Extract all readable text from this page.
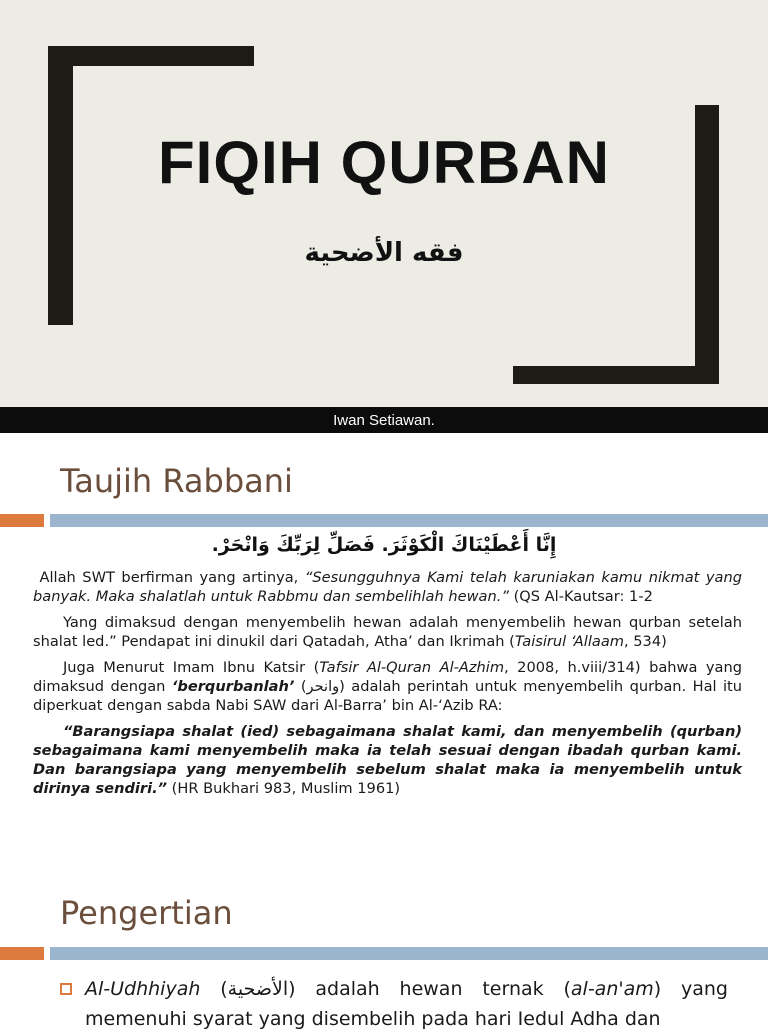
FIQIH QURBAN
فقه الأضحية
Iwan Setiawan.
Taujih Rabbani
إِنَّا أَعْطَيْنَاكَ الْكَوْثَرَ. فَصَلِّ لِرَبِّكَ وَانْحَرْ.

Allah SWT berfirman yang artinya, “Sesungguhnya Kami telah karuniakan kamu nikmat yang banyak. Maka shalatlah untuk Rabbmu dan sembelihlah hewan.” (QS Al-Kautsar: 1-2

Yang dimaksud dengan menyembelih hewan adalah menyembelih hewan qurban setelah shalat led.” Pendapat ini dinukil dari Qatadah, Atha’ dan Ikrimah (Taisirul ‘Allaam, 534)

Juga Menurut Imam Ibnu Katsir (Tafsir Al-Quran Al-Azhim, 2008, h.viii/314) bahwa yang dimaksud dengan ‘berqurbanlah’ (وانحر) adalah perintah untuk menyembelih qurban. Hal itu diperkuat dengan sabda Nabi SAW dari Al-Barra’ bin Al-‘Azib RA:

“Barangsiapa shalat (ied) sebagaimana shalat kami, dan menyembelih (qurban) sebagaimana kami menyembelih maka ia telah sesuai dengan ibadah qurban kami. Dan barangsiapa yang menyembelih sebelum shalat maka ia menyembelih untuk dirinya sendiri.” (HR Bukhari 983, Muslim 1961)

Pengertian
Al-Udhhiyah (الأضحية) adalah hewan ternak (al-an'am) yang memenuhi syarat yang disembelih pada hari Iedul Adha dan
